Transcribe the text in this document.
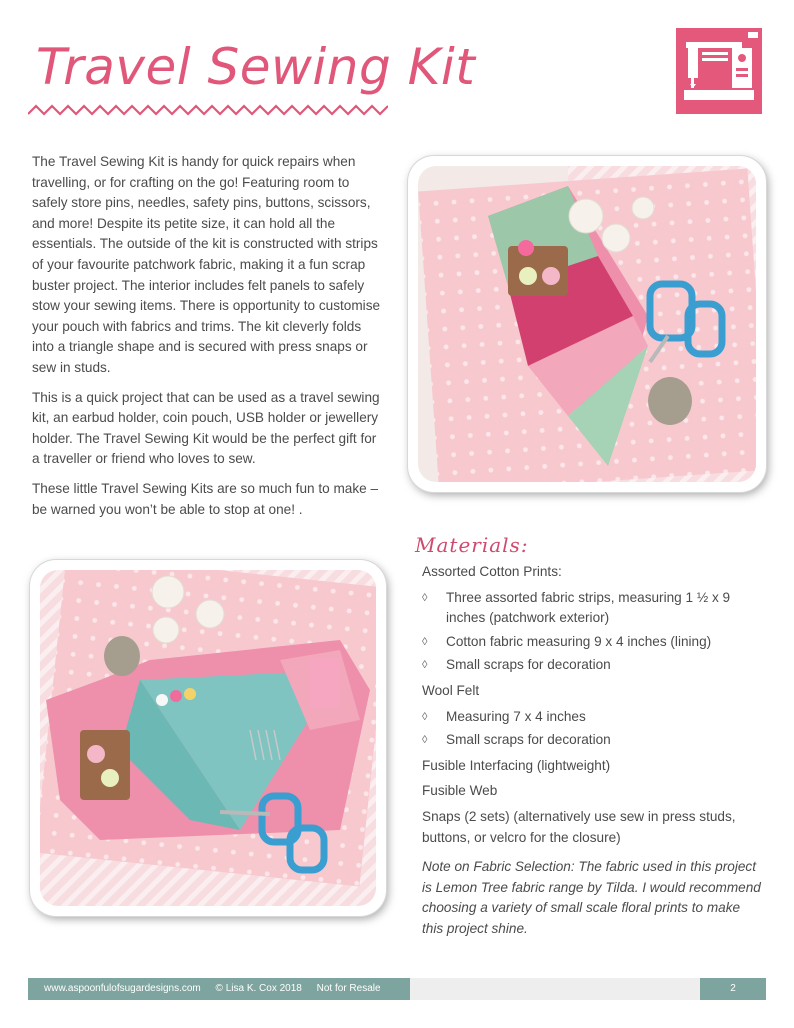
Travel Sewing Kit

The Travel Sewing Kit is handy for quick repairs when travelling, or for crafting on the go! Featuring room to safely store pins, needles, safety pins, buttons, scissors, and more! Despite its petite size, it can hold all the essentials. The outside of the kit is constructed with strips of your favourite patchwork fabric, making it a fun scrap buster project. The interior includes felt panels to safely stow your sewing items. There is opportunity to customise your pouch with fabrics and trims. The kit cleverly folds into a triangle shape and is secured with press snaps or sew in studs.

This is a quick project that can be used as a travel sewing kit, an earbud holder, coin pouch, USB holder or jewellery holder. The Travel Sewing Kit would be the perfect gift for a traveller or friend who loves to sew.

These little Travel Sewing Kits are so much fun to make – be warned you won’t be able to stop at one! .

Materials:
Assorted Cotton Prints:
◊ Three assorted fabric strips, measuring 1 ½ x 9 inches (patchwork exterior)
◊ Cotton fabric measuring 9 x 4 inches (lining)
◊ Small scraps for decoration
Wool Felt
◊ Measuring 7 x 4 inches
◊ Small scraps for decoration
Fusible Interfacing (lightweight)
Fusible Web
Snaps (2 sets) (alternatively use sew in press studs, buttons, or velcro for the closure)
Note on Fabric Selection: The fabric used in this project is Lemon Tree fabric range by Tilda. I would recommend choosing a variety of small scale floral prints to make this project shine.
www.aspoonfulofsugardesigns.com © Lisa K. Cox 2018 Not for Resale	2
